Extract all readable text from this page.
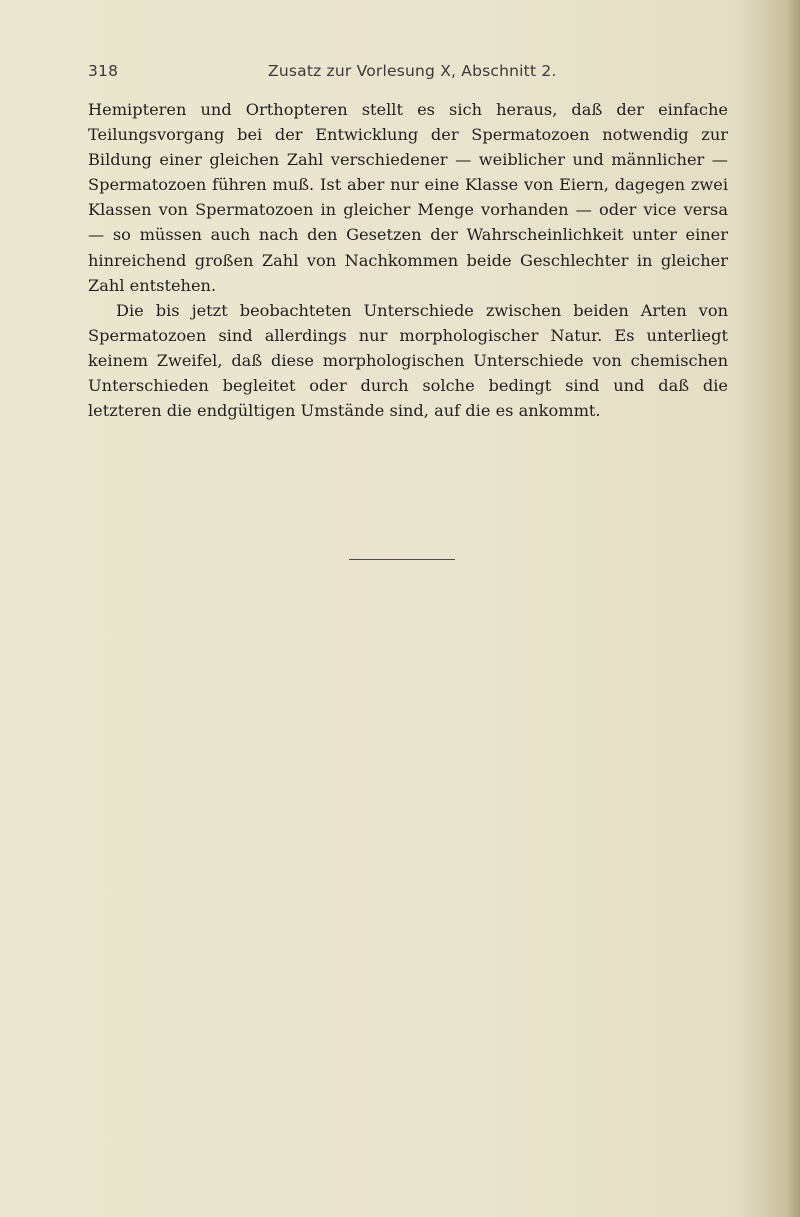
318	Zusatz zur Vorlesung X, Abschnitt 2.

Hemipteren und Orthopteren stellt es sich heraus, daß der einfache Teilungsvorgang bei der Entwicklung der Spermatozoen notwendig zur Bildung einer gleichen Zahl verschiedener — weiblicher und männlicher — Spermatozoen führen muß. Ist aber nur eine Klasse von Eiern, dagegen zwei Klassen von Spermatozoen in gleicher Menge vorhanden — oder vice versa — so müssen auch nach den Gesetzen der Wahrscheinlichkeit unter einer hinreichend großen Zahl von Nachkommen beide Geschlechter in gleicher Zahl entstehen.

Die bis jetzt beobachteten Unterschiede zwischen beiden Arten von Spermatozoen sind allerdings nur morphologischer Natur. Es unterliegt keinem Zweifel, daß diese morphologischen Unterschiede von chemischen Unterschieden begleitet oder durch solche bedingt sind und daß die letzteren die endgültigen Umstände sind, auf die es ankommt.
